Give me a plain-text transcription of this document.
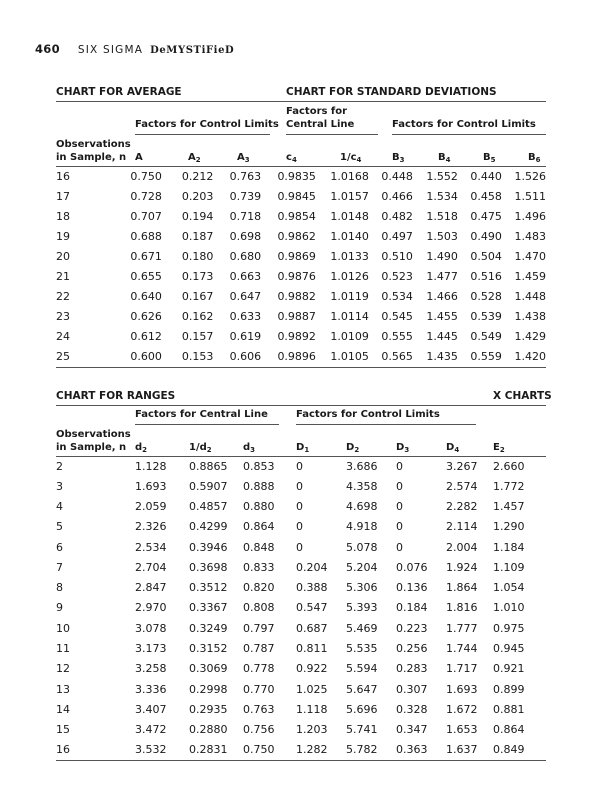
460 SIX SIGMA DeMYSTiFieD
CHART FOR AVERAGE	CHART FOR STANDARD DEVIATIONS
Factors for Control Limits
Factors for
Central Line	Factors for Control Limits
Observations
in Sample, n A	$A_2$	$A_3$	$c_4$	$1/c_4$	$B_3$	$B_4$	$B_5$	$B_6$
16	0.750	0.212	0.763	0.9835	1.0168	0.448	1.552	0.440	1.526	
17	0.728	0.203	0.739	0.9845	1.0157	0.466	1.534	0.458	1.511	
18	0.707	0.194	0.718	0.9854	1.0148	0.482	1.518	0.475	1.496	
19	0.688	0.187	0.698	0.9862	1.0140	0.497	1.503	0.490	1.483	
20	0.671	0.180	0.680	0.9869	1.0133	0.510	1.490	0.504	1.470	
21	0.655	0.173	0.663	0.9876	1.0126	0.523	1.477	0.516	1.459	
22	0.640	0.167	0.647	0.9882	1.0119	0.534	1.466	0.528	1.448	
23	0.626	0.162	0.633	0.9887	1.0114	0.545	1.455	0.539	1.438	
24	0.612	0.157	0.619	0.9892	1.0109	0.555	1.445	0.549	1.429	
25	0.600	0.153	0.606	0.9896	1.0105	0.565	1.435	0.559	1.420	
CHART FOR RANGES	X CHARTS
Factors for Central Line	Factors for Control Limits
Observations
in Sample, n $d_2$	$1/d_2$	$d_3$	$D_1$	$D_2$	$D_3$	$D_4$	$E_2$
2	1.128	0.8865	0.853	0	3.686	0	3.267	2.660
3	1.693	0.5907	0.888	0	4.358	0	2.574	1.772
4	2.059	0.4857	0.880	0	4.698	0	2.282	1.457
5	2.326	0.4299	0.864	0	4.918	0	2.114	1.290
6	2.534	0.3946	0.848	0	5.078	0	2.004	1.184
7	2.704	0.3698	0.833	0.204	5.204	0.076	1.924	1.109
8	2.847	0.3512	0.820	0.388	5.306	0.136	1.864	1.054
9	2.970	0.3367	0.808	0.547	5.393	0.184	1.816	1.010
10	3.078	0.3249	0.797	0.687	5.469	0.223	1.777	0.975
11	3.173	0.3152	0.787	0.811	5.535	0.256	1.744	0.945
12	3.258	0.3069	0.778	0.922	5.594	0.283	1.717	0.921
13	3.336	0.2998	0.770	1.025	5.647	0.307	1.693	0.899
14	3.407	0.2935	0.763	1.118	5.696	0.328	1.672	0.881
15	3.472	0.2880	0.756	1.203	5.741	0.347	1.653	0.864
16	3.532	0.2831	0.750	1.282	5.782	0.363	1.637	0.849
